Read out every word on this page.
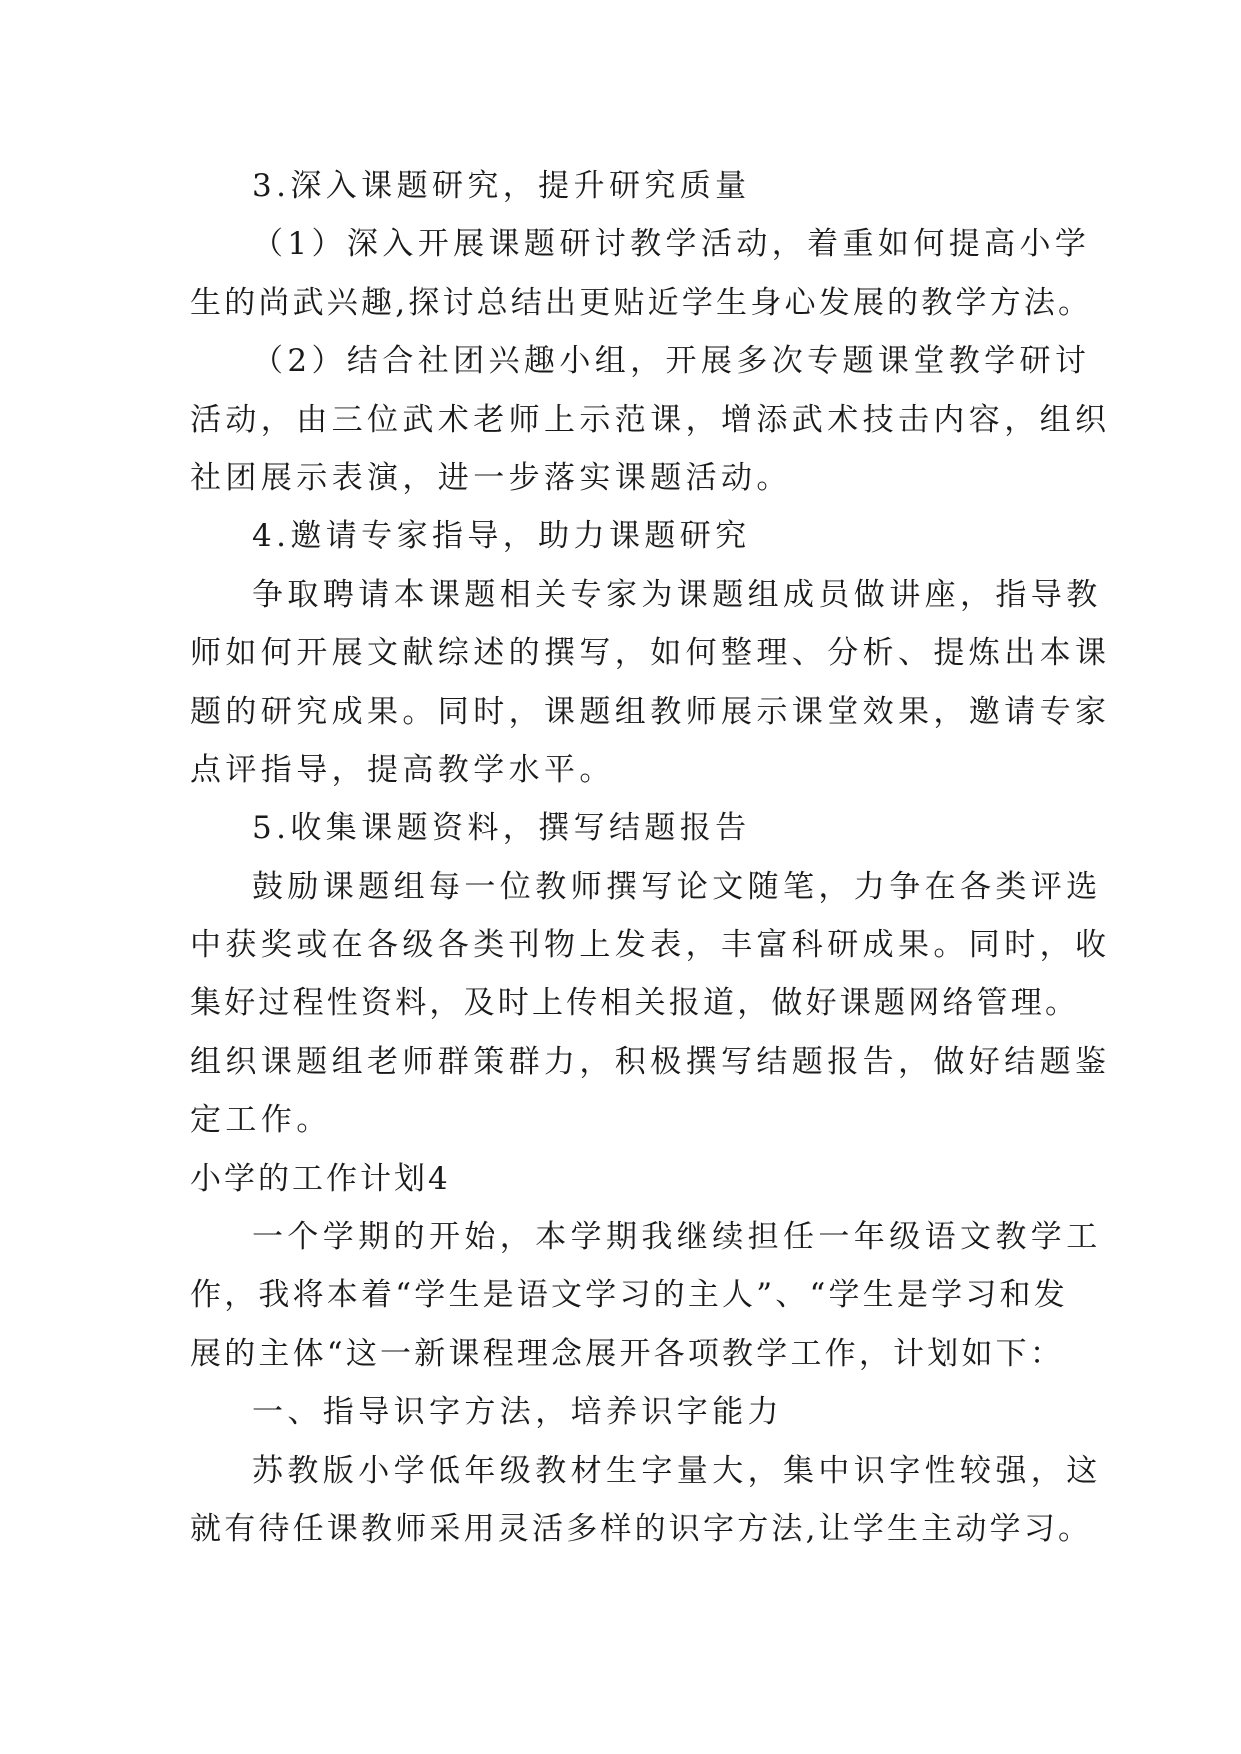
3.深入课题研究，提升研究质量
（1）深入开展课题研讨教学活动，着重如何提高小学
生的尚武兴趣,探讨总结出更贴近学生身心发展的教学方法。
（2）结合社团兴趣小组，开展多次专题课堂教学研讨
活动，由三位武术老师上示范课，增添武术技击内容，组织
社团展示表演，进一步落实课题活动。
4.邀请专家指导，助力课题研究
争取聘请本课题相关专家为课题组成员做讲座，指导教
师如何开展文献综述的撰写，如何整理、分析、提炼出本课
题的研究成果。同时，课题组教师展示课堂效果，邀请专家
点评指导，提高教学水平。
5.收集课题资料，撰写结题报告
鼓励课题组每一位教师撰写论文随笔，力争在各类评选
中获奖或在各级各类刊物上发表，丰富科研成果。同时，收
集好过程性资料，及时上传相关报道，做好课题网络管理。
组织课题组老师群策群力，积极撰写结题报告，做好结题鉴
定工作。
小学的工作计划4
一个学期的开始，本学期我继续担任一年级语文教学工
作，我将本着“学生是语文学习的主人”、“学生是学习和发
展的主体“这一新课程理念展开各项教学工作，计划如下：
一、指导识字方法，培养识字能力
苏教版小学低年级教材生字量大，集中识字性较强，这
就有待任课教师采用灵活多样的识字方法,让学生主动学习。
